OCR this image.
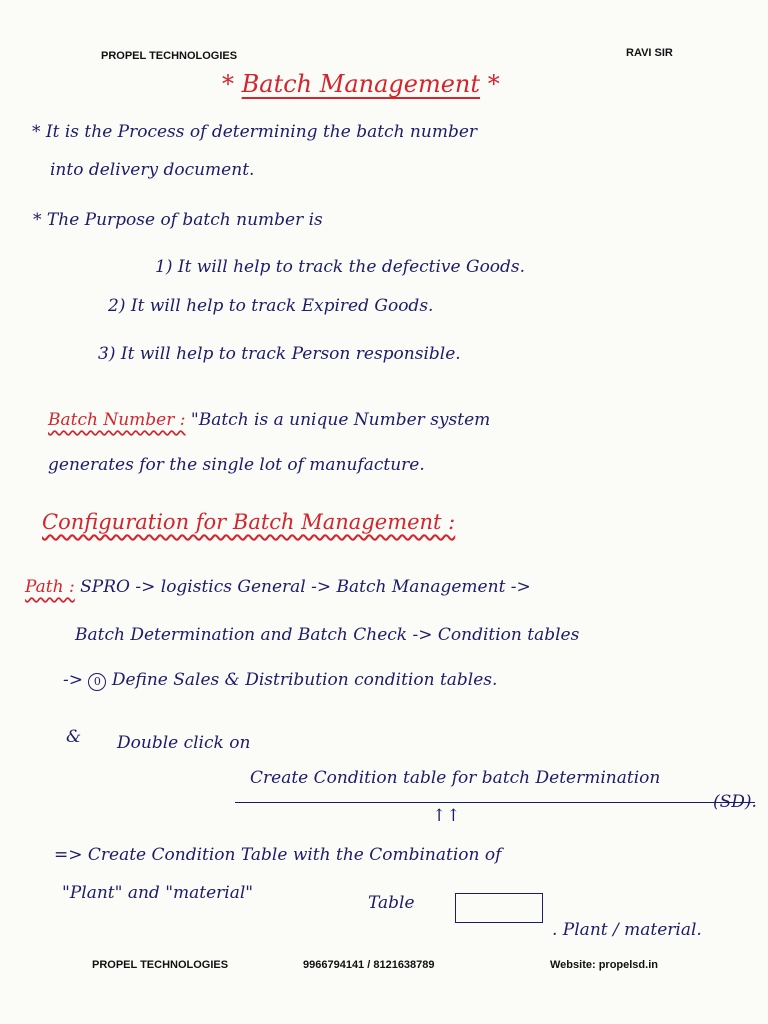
PROPEL TECHNOLOGIES	RAVI SIR
* Batch Management *
* It is the Process of determining the batch number
into delivery document.
* The Purpose of batch number is
1) It will help to track the defective Goods.
2) It will help to track Expired Goods.
3) It will help to track Person responsible.
Batch Number : "Batch is a unique Number system
generates for the single lot of manufacture.
Configuration for Batch Management :
Path : SPRO -> logistics General -> Batch Management ->
Batch Determination and Batch Check -> Condition tables
-> 0 Define Sales & Distribution condition tables.
& Double click on
Create Condition table for batch Determination
(SD).
↑↑
=> Create Condition Table with the Combination of
"Plant" and "material"	Table
. Plant / material.
PROPEL TECHNOLOGIES	9966794141 / 8121638789	Website: propelsd.in
